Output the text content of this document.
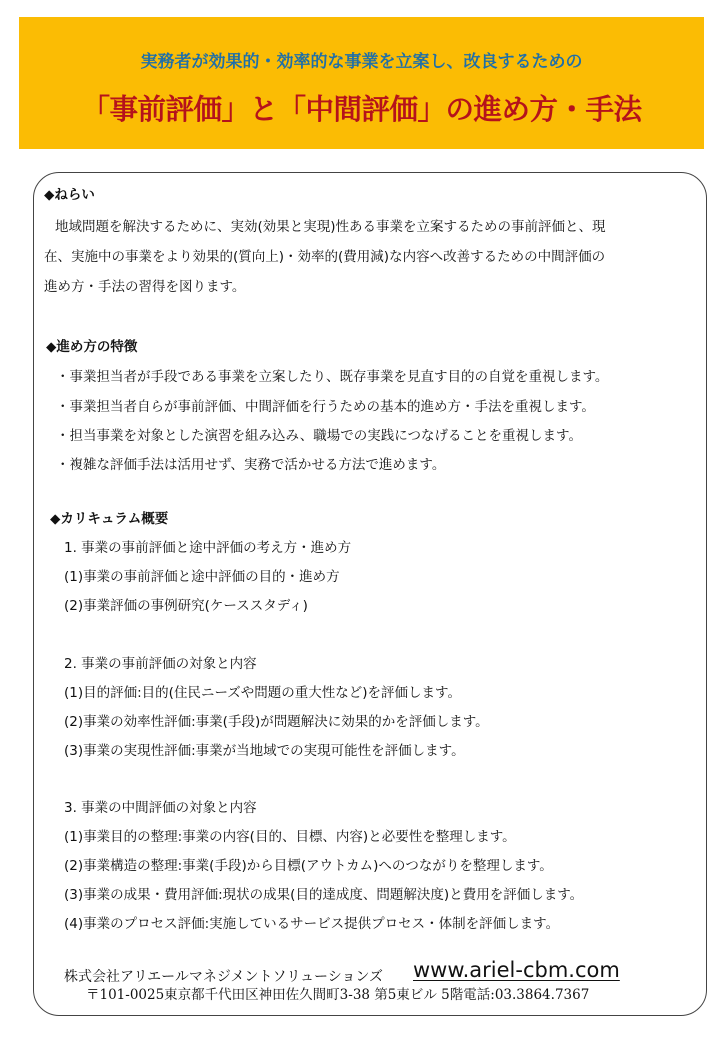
実務者が効果的・効率的な事業を立案し、改良するための
「事前評価」と「中間評価」の進め方・手法
◆ねらい
地域問題を解決するために、実効(効果と実現)性ある事業を立案するための事前評価と、現
在、実施中の事業をより効果的(質向上)・効率的(費用減)な内容へ改善するための中間評価の
進め方・手法の習得を図ります。
◆進め方の特徴
・事業担当者が手段である事業を立案したり、既存事業を見直す目的の自覚を重視します。
・事業担当者自らが事前評価、中間評価を行うための基本的進め方・手法を重視します。
・担当事業を対象とした演習を組み込み、職場での実践につなげることを重視します。
・複雑な評価手法は活用せず、実務で活かせる方法で進めます。
◆カリキュラム概要
1. 事業の事前評価と途中評価の考え方・進め方
(1)事業の事前評価と途中評価の目的・進め方
(2)事業評価の事例研究(ケーススタディ)
2. 事業の事前評価の対象と内容
(1)目的評価:目的(住民ニーズや問題の重大性など)を評価します。
(2)事業の効率性評価:事業(手段)が問題解決に効果的かを評価します。
(3)事業の実現性評価:事業が当地域での実現可能性を評価します。
3. 事業の中間評価の対象と内容
(1)事業目的の整理:事業の内容(目的、目標、内容)と必要性を整理します。
(2)事業構造の整理:事業(手段)から目標(アウトカム)へのつながりを整理します。
(3)事業の成果・費用評価:現状の成果(目的達成度、問題解決度)と費用を評価します。
(4)事業のプロセス評価:実施しているサービス提供プロセス・体制を評価します。
株式会社アリエールマネジメントソリューションズ www.ariel-cbm.com
〒101-0025東京都千代田区神田佐久間町3-38 第5東ビル 5階電話:03.3864.7367
